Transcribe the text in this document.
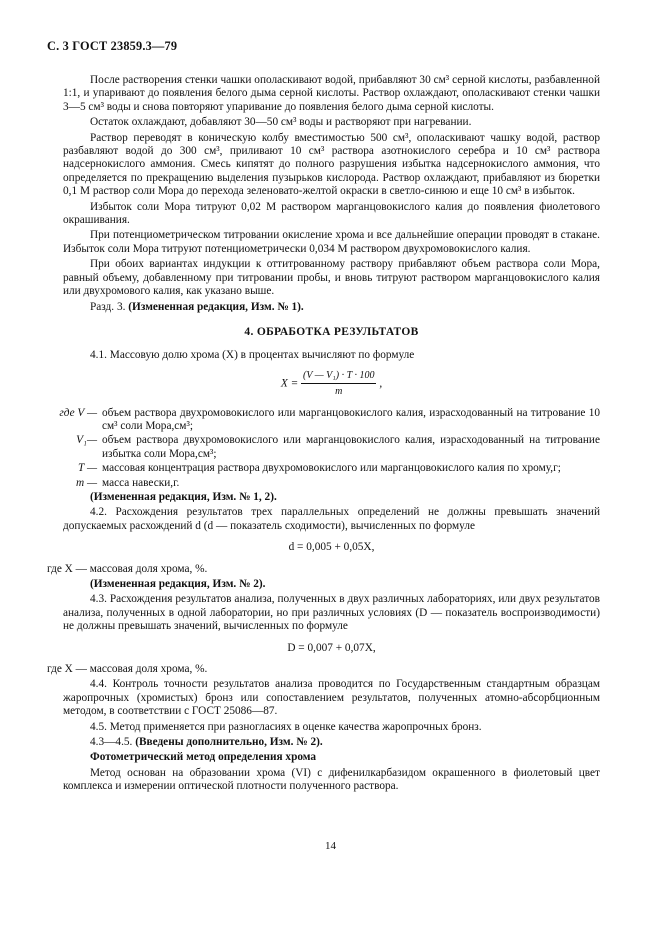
С. 3 ГОСТ 23859.3—79

После растворения стенки чашки ополаскивают водой, прибавляют 30 см³ серной кислоты, разбавленной 1:1, и упаривают до появления белого дыма серной кислоты. Раствор охлаждают, ополаскивают стенки чашки 3—5 см³ воды и снова повторяют упаривание до появления белого дыма серной кислоты.

Остаток охлаждают, добавляют 30—50 см³ воды и растворяют при нагревании.

Раствор переводят в коническую колбу вместимостью 500 см³, ополаскивают чашку водой, раствор разбавляют водой до 300 см³, приливают 10 см³ раствора азотнокислого серебра и 10 см³ раствора надсернокислого аммония. Смесь кипятят до полного разрушения избытка надсернокислого аммония, что определяется по прекращению выделения пузырьков кислорода. Раствор охлаждают, прибавляют из бюретки 0,1 М раствор соли Мора до перехода зеленовато-желтой окраски в светло-синюю и еще 10 см³ в избыток.

Избыток соли Мора титруют 0,02 М раствором марганцовокислого калия до появления фиолетового окрашивания.

При потенциометрическом титровании окисление хрома и все дальнейшие операции проводят в стакане. Избыток соли Мора титруют потенциометрически 0,034 М раствором двухромовокислого калия.

При обоих вариантах индукции к оттитрованному раствору прибавляют объем раствора соли Мора, равный объему, добавленному при титровании пробы, и вновь титруют раствором марганцовокислого калия или двухромового калия, как указано выше.

Разд. 3. (Измененная редакция, Изм. № 1).

4. ОБРАБОТКА РЕЗУЛЬТАТОВ

4.1. Массовую долю хрома (X) в процентах вычисляют по формуле

$X = \frac{\text{(V — V₁) · T · 100}}{m}$ ,
где V — объем раствора двухромовокислого или марганцовокислого калия, израсходованный на титрование 10 см³ соли Мора,см³;
V₁— объем раствора двухромовокислого или марганцовокислого калия, израсходованный на титрование избытка соли Мора,см³;
T — массовая концентрация раствора двухромовокислого или марганцовокислого калия по хрому,г;
m — масса навески,г.

(Измененная редакция, Изм. № 1, 2).

4.2. Расхождения результатов трех параллельных определений не должны превышать значений допускаемых расхождений d (d — показатель сходимости), вычисленных по формуле

d = 0,005 + 0,05X,

где X — массовая доля хрома, %.

(Измененная редакция, Изм. № 2).

4.3. Расхождения результатов анализа, полученных в двух различных лабораториях, или двух результатов анализа, полученных в одной лаборатории, но при различных условиях (D — показатель воспроизводимости) не должны превышать значений, вычисленных по формуле

D = 0,007 + 0,07X,

где X — массовая доля хрома, %.

4.4. Контроль точности результатов анализа проводится по Государственным стандартным образцам жаропрочных (хромистых) бронз или сопоставлением результатов, полученных атомно-абсорбционным методом, в соответствии с ГОСТ 25086—87.

4.5. Метод применяется при разногласиях в оценке качества жаропрочных бронз.

4.3—4.5. (Введены дополнительно, Изм. № 2).

Фотометрический метод определения хрома

Метод основан на образовании хрома (VI) с дифенилкарбазидом окрашенного в фиолетовый цвет комплекса и измерении оптической плотности полученного раствора.

14
